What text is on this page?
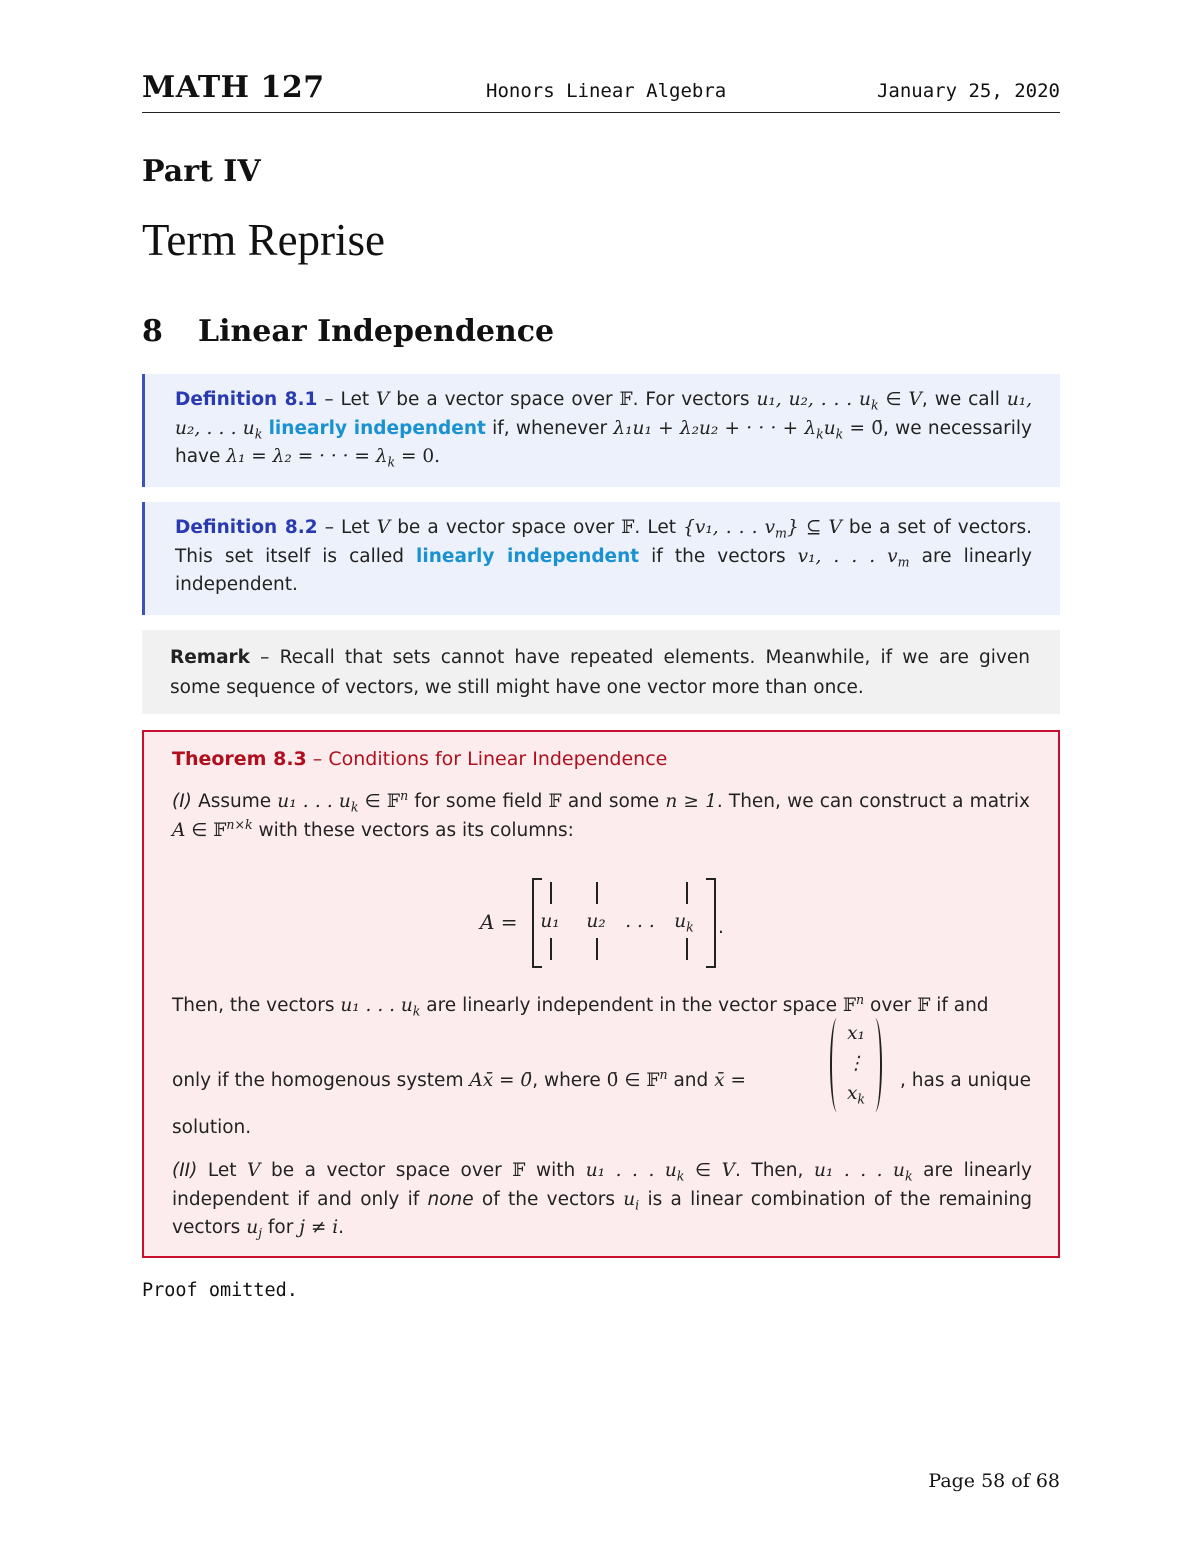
MATH 127	Honors Linear Algebra	January 25, 2020
Part IV
Term Reprise
8 Linear Independence
Definition 8.1 – Let V be a vector space over 𝔽. For vectors u₁, u₂, . . . $u_k$ ∈ V, we call u₁, u₂, . . . $u_k$ linearly independent if, whenever λ₁u₁ + λ₂u₂ + · · · + $\lambda_ku_k$ = 0̄, we necessarily have λ₁ = λ₂ = · · · = $\lambda_k = 0$.
Definition 8.2 – Let V be a vector space over 𝔽. Let {v₁, . . . $v_m$} ⊆ V be a set of vectors. This set itself is called linearly independent if the vectors v₁, . . . $v_m$ are linearly independent.
Remark – Recall that sets cannot have repeated elements. Meanwhile, if we are given some sequence of vectors, we still might have one vector more than once.
Theorem 8.3 – Conditions for Linear Independence
(I) Assume u₁ . . . $u_k$ ∈ 𝔽$^n$ for some field 𝔽 and some n ≥ 1. Then, we can construct a matrix A ∈ 𝔽$^{n\times k}$ with these vectors as its columns:
A = u₁ u₂ . . . $u_k$ .
Then, the vectors u₁ . . . $u_k$ are linearly independent in the vector space 𝔽$^n$ over 𝔽 if and
only if the homogenous system Ax̄ = 0̄, where 0̄ ∈ 𝔽$^n$ and x̄ =	, has a unique
x₁
⋮
$x_k$
solution.
(II) Let V be a vector space over 𝔽 with u₁ . . . $u_k$ ∈ V. Then, u₁ . . . $u_k$ are linearly independent if and only if none of the vectors $u_i$ is a linear combination of the remaining vectors $u_j$ for j ≠ i.
Proof omitted.
Page 58 of 68
